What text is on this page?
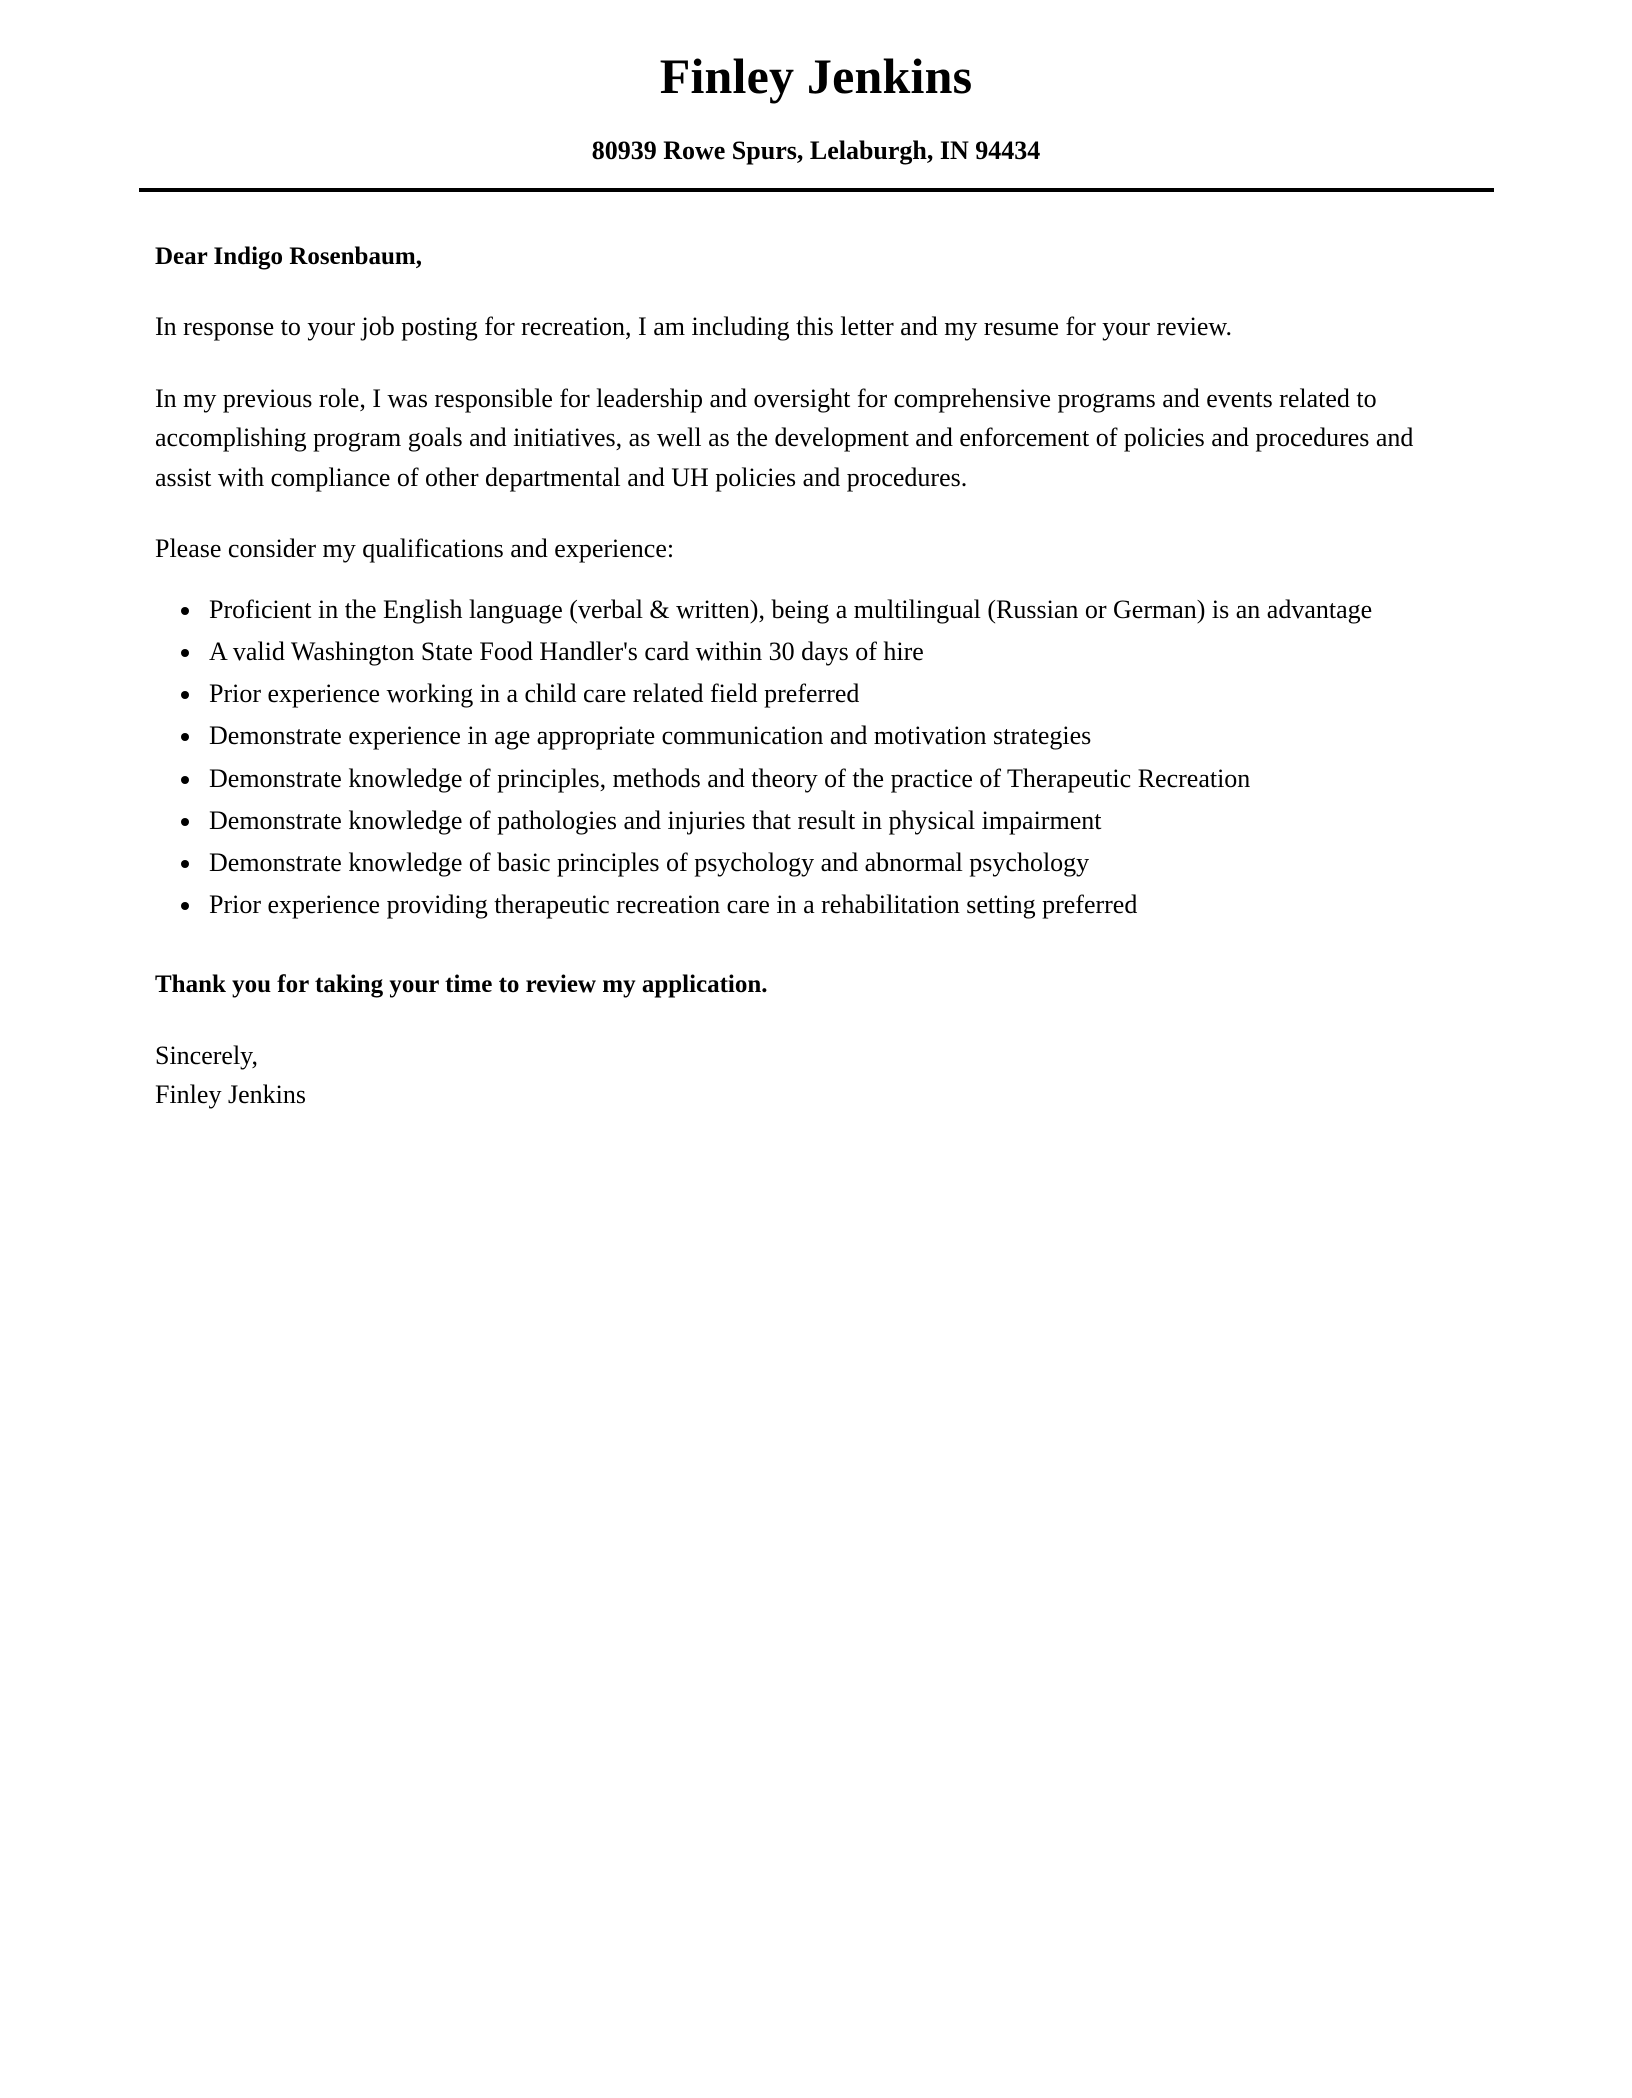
Finley Jenkins
80939 Rowe Spurs, Lelaburgh, IN 94434
Dear Indigo Rosenbaum,

In response to your job posting for recreation, I am including this letter and my resume for your review.

In my previous role, I was responsible for leadership and oversight for comprehensive programs and events related to accomplishing program goals and initiatives, as well as the development and enforcement of policies and procedures and assist with compliance of other departmental and UH policies and procedures.

Please consider my qualifications and experience:

• Proficient in the English language (verbal & written), being a multilingual (Russian or German) is an advantage
• A valid Washington State Food Handler's card within 30 days of hire
• Prior experience working in a child care related field preferred
• Demonstrate experience in age appropriate communication and motivation strategies
• Demonstrate knowledge of principles, methods and theory of the practice of Therapeutic Recreation
• Demonstrate knowledge of pathologies and injuries that result in physical impairment
• Demonstrate knowledge of basic principles of psychology and abnormal psychology
• Prior experience providing therapeutic recreation care in a rehabilitation setting preferred
Thank you for taking your time to review my application.
Sincerely,
Finley Jenkins
